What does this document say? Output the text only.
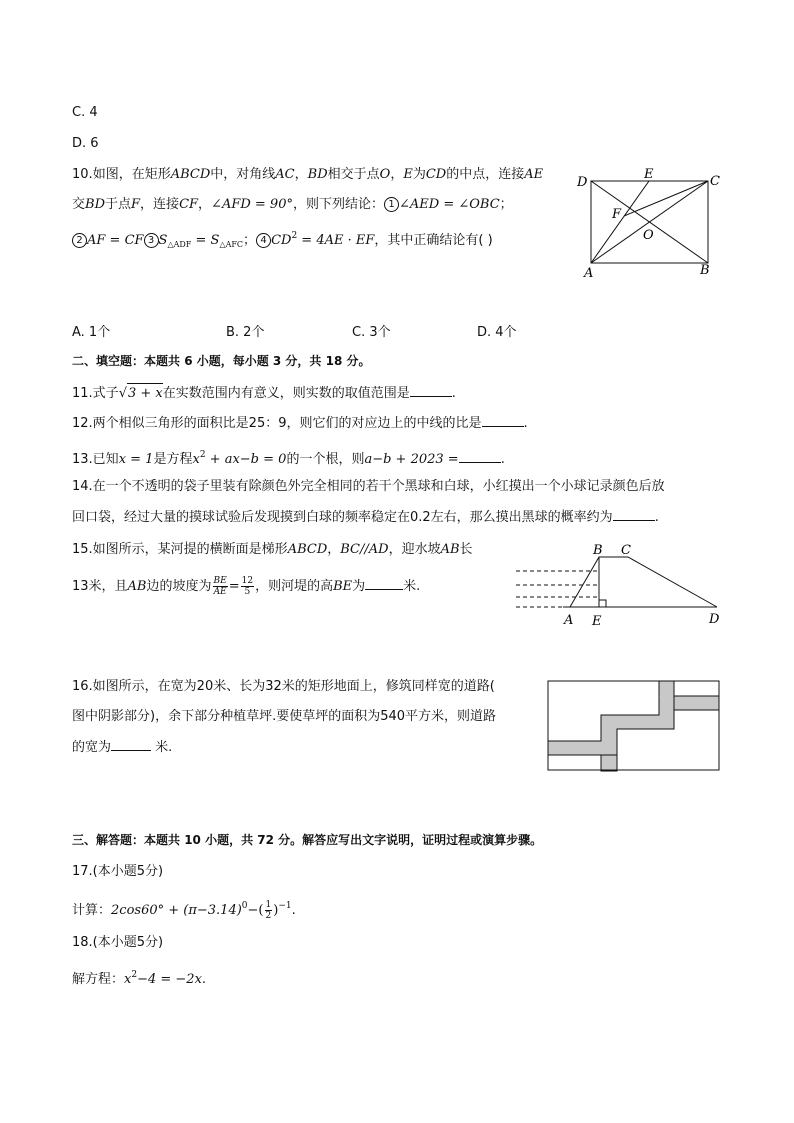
C. 4
D. 6
10.如图，在矩形ABCD中，对角线AC，BD相交于点O，E为CD的中点，连接AE
交BD于点F，连接CF，∠AFD = 90°，则下列结论： 1 ∠AED = ∠OBC；
2 AF = CF 3 $S_{\triangle ADF} = S_{\triangle AFC}$； 4 $CD^2 = 4AE$ · EF，其中正确结论有( )
D
E	C
F
O
A	B
A. 1个	B. 2个	C. 3个	D. 4个
二、填空题：本题共 6 小题，每小题 3 分，共 18 分。
11.式子√3 + x在实数范围内有意义，则实数的取值范围是	.
12.两个相似三角形的面积比是25：9，则它们的对应边上的中线的比是	.
13.已知x = 1是方程$x^2 + ax-b = 0$的一个根，则a−b + 2023 =	.
14.在一个不透明的袋子里装有除颜色外完全相同的若干个黑球和白球，小红摸出一个小球记录颜色后放
回口袋，经过大量的摸球试验后发现摸到白球的频率稳定在0.2左右，那么摸出黑球的概率约为	.
15.如图所示，某河提的横断面是梯形ABCD，BC//AD，迎水坡AB长
13米，且AB边的坡度为 $\frac{BE}{AE} = \frac{12}{5}$ ，则河堤的高BE为	米.
B C
A E	D
16.如图所示，在宽为20米、长为32米的矩形地面上，修筑同样宽的道路(
图中阴影部分)，余下部分种植草坪.要使草坪的面积为540平方米，则道路
的宽为	米.
三、解答题：本题共 10 小题，共 72 分。解答应写出文字说明，证明过程或演算步骤。
17.(本小题5分)
计算：$2\cos 60^\circ + (\pi-3.14)^0-( \frac{1}{2} )^{-1}$.
18.(本小题5分)
解方程：$x^2-4 = -2x$.
